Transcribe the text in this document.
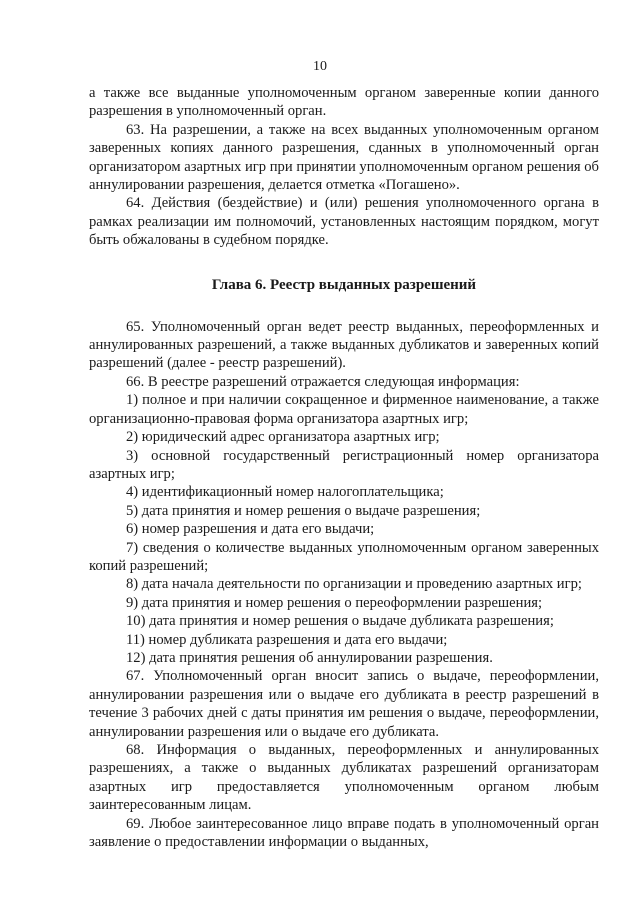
10

а также все выданные уполномоченным органом заверенные копии данного разрешения в уполномоченный орган.

63. На разрешении, а также на всех выданных уполномоченным органом заверенных копиях данного разрешения, сданных в уполномоченный орган организатором азартных игр при принятии уполномоченным органом решения об аннулировании разрешения, делается отметка «Погашено».

64. Действия (бездействие) и (или) решения уполномоченного органа в рамках реализации им полномочий, установленных настоящим порядком, могут быть обжалованы в судебном порядке.

Глава 6. Реестр выданных разрешений

65. Уполномоченный орган ведет реестр выданных, переоформленных и аннулированных разрешений, а также выданных дубликатов и заверенных копий разрешений (далее - реестр разрешений).

66. В реестре разрешений отражается следующая информация:

1) полное и при наличии сокращенное и фирменное наименование, а также организационно-правовая форма организатора азартных игр;

2) юридический адрес организатора азартных игр;

3) основной государственный регистрационный номер организатора азартных игр;

4) идентификационный номер налогоплательщика;

5) дата принятия и номер решения о выдаче разрешения;

6) номер разрешения и дата его выдачи;

7) сведения о количестве выданных уполномоченным органом заверенных копий разрешений;

8) дата начала деятельности по организации и проведению азартных игр;

9) дата принятия и номер решения о переоформлении разрешения;

10) дата принятия и номер решения о выдаче дубликата разрешения;

11) номер дубликата разрешения и дата его выдачи;

12) дата принятия решения об аннулировании разрешения.

67. Уполномоченный орган вносит запись о выдаче, переоформлении, аннулировании разрешения или о выдаче его дубликата в реестр разрешений в течение 3 рабочих дней с даты принятия им решения о выдаче, переоформлении, аннулировании разрешения или о выдаче его дубликата.

68. Информация о выданных, переоформленных и аннулированных разрешениях, а также о выданных дубликатах разрешений организаторам азартных игр предоставляется уполномоченным органом любым заинтересованным лицам.

69. Любое заинтересованное лицо вправе подать в уполномоченный орган заявление о предоставлении информации о выданных,
